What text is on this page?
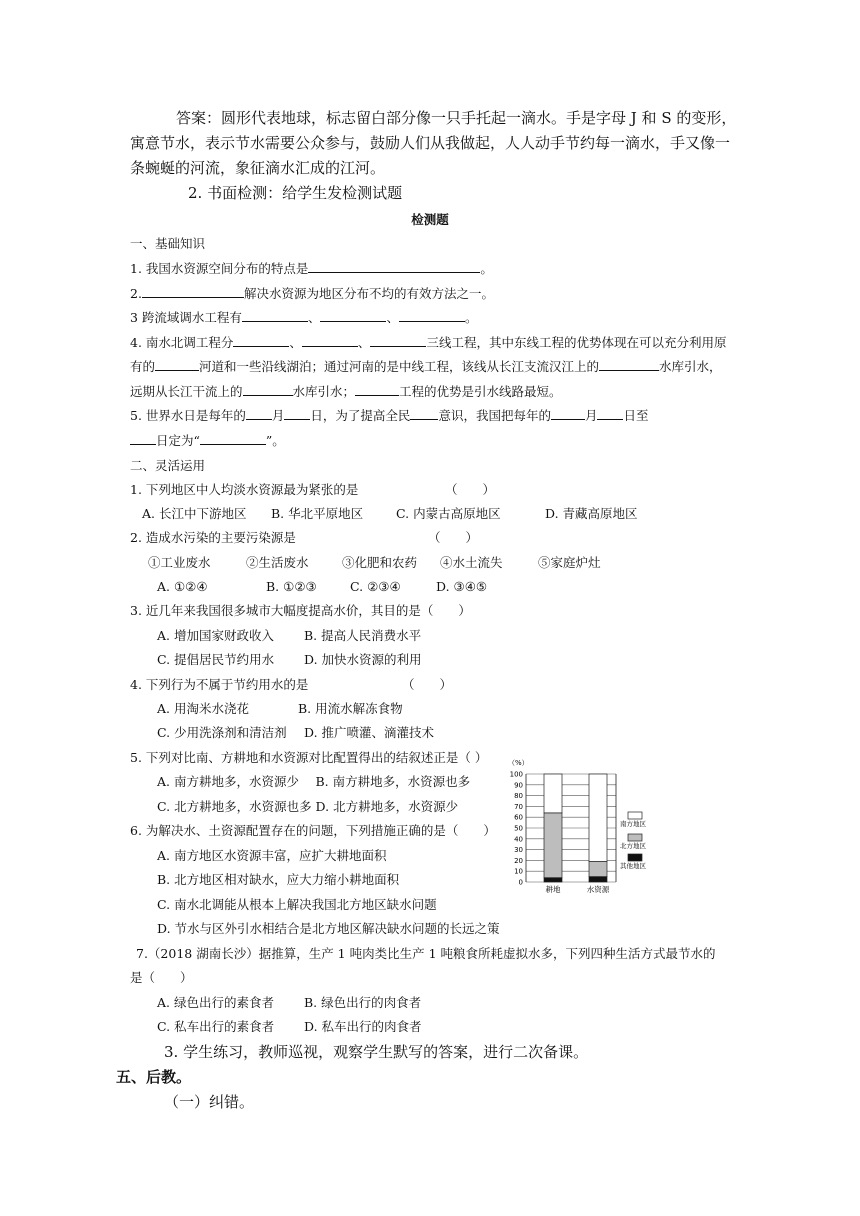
答案：圆形代表地球，标志留白部分像一只手托起一滴水。手是字母 J 和 S 的变形，
寓意节水，表示节水需要公众参与，鼓励人们从我做起，人人动手节约每一滴水，手又像一
条蜿蜒的河流，象征滴水汇成的江河。
2. 书面检测：给学生发检测试题
检测题
一、基础知识
1. 我国水资源空间分布的特点是	。
2.	解决水资源为地区分布不均的有效方法之一。
3 跨流域调水工程有	、	、	。
4. 南水北调工程分	、	、	三线工程，其中东线工程的优势体现在可以充分利用原
有的	河道和一些沿线湖泊；通过河南的是中线工程，该线从长江支流汉江上的	水库引水，
远期从长江干流上的	水库引水；	工程的优势是引水线路最短。
5. 世界水日是每年的 月 日，为了提高全民 意识，我国把每年的	月 日至
日定为“	”。
二、灵活运用
1. 下列地区中人均淡水资源最为紧张的是	（　　）
A. 长江中下游地区 B. 华北平原地区	C. 内蒙古高原地区	D. 青藏高原地区
2. 造成水污染的主要污染源是	（　　）
①工业废水	②生活废水	③化肥和农药 ④水土流失	⑤家庭炉灶
A. ①②④	B. ①②③	C. ②③④	D. ③④⑤
3. 近几年来我国很多城市大幅度提高水价，其目的是（　　）
A. 增加国家财政收入 B. 提高人民消费水平
C. 提倡居民节约用水 D. 加快水资源的利用
4. 下列行为不属于节约用水的是	（　　）
A. 用淘米水浇花	B. 用流水解冻食物
C. 少用洗涤剂和清洁剂 D. 推广喷灌、滴灌技术
5. 下列对比南、方耕地和水资源对比配置得出的结叙述正是（ ）
A. 南方耕地多，水资源少　 B. 南方耕地多，水资源也多
C. 北方耕地多，水资源也多 D. 北方耕地多，水资源少
6. 为解决水、土资源配置存在的问题，下列措施正确的是（　　）
A. 南方地区水资源丰富，应扩大耕地面积
B. 北方地区相对缺水，应大力缩小耕地面积
C. 南水北调能从根本上解决我国北方地区缺水问题
D. 节水与区外引水相结合是北方地区解决缺水问题的长远之策
7.（2018 湖南长沙）据推算，生产 1 吨肉类比生产 1 吨粮食所耗虚拟水多，下列四种生活方式最节水的
是（　　）
A. 绿色出行的素食者 B. 绿色出行的肉食者
C. 私车出行的素食者 D. 私车出行的肉食者
3. 学生练习，教师巡视，观察学生默写的答案，进行二次备课。
五、后教。
（一）纠错。
（%）
0
10
20
30
40
50
60
70
80
90
100
耕地	水资源
南方地区
北方地区
其他地区
